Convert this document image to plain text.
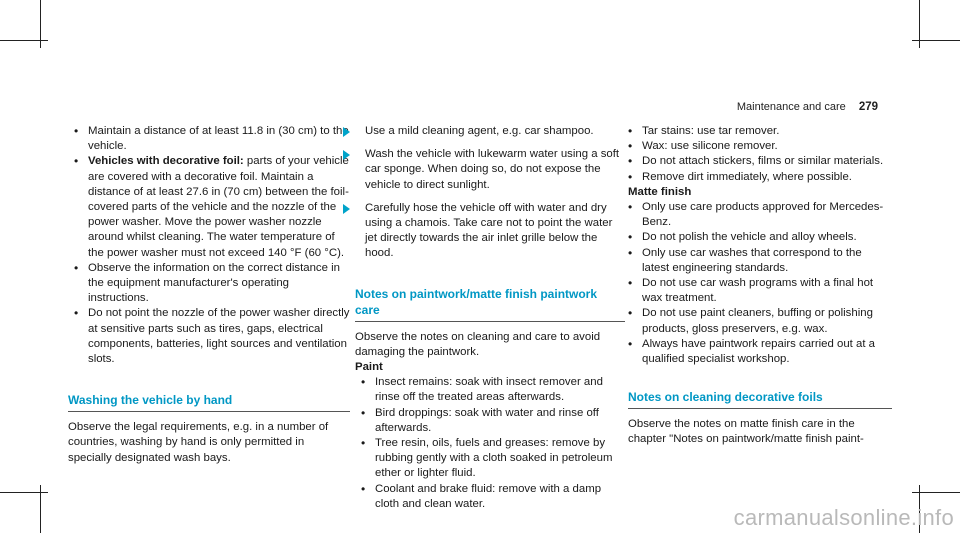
Maintenance and care 279
• Maintain a distance of at least 11.8 in (30 cm) to the vehicle.
• Vehicles with decorative foil: parts of your vehicle are covered with a decorative foil. Maintain a distance of at least 27.6 in (70 cm) between the foil-covered parts of the vehicle and the nozzle of the power washer. Move the power washer nozzle around whilst cleaning. The water temperature of the power washer must not exceed 140 °F (60 °C).
• Observe the information on the correct distance in the equipment manufacturer's operating instructions.
• Do not point the nozzle of the power washer directly at sensitive parts such as tires, gaps, electrical components, batteries, light sources and ventilation slots.
Washing the vehicle by hand
Observe the legal requirements, e.g. in a number of countries, washing by hand is only permitted in specially designated wash bays.
Use a mild cleaning agent, e.g. car shampoo.
Wash the vehicle with lukewarm water using a soft car sponge. When doing so, do not expose the vehicle to direct sunlight.
Carefully hose the vehicle off with water and dry using a chamois. Take care not to point the water jet directly towards the air inlet grille below the hood.
Notes on paintwork/matte finish paintwork care
Observe the notes on cleaning and care to avoid damaging the paintwork.
Paint
• Insect remains: soak with insect remover and rinse off the treated areas afterwards.
• Bird droppings: soak with water and rinse off afterwards.
• Tree resin, oils, fuels and greases: remove by rubbing gently with a cloth soaked in petroleum ether or lighter fluid.
• Coolant and brake fluid: remove with a damp cloth and clean water.
• Tar stains: use tar remover.
• Wax: use silicone remover.
• Do not attach stickers, films or similar materials.
• Remove dirt immediately, where possible.
Matte finish
• Only use care products approved for Mercedes-Benz.
• Do not polish the vehicle and alloy wheels.
• Only use car washes that correspond to the latest engineering standards.
• Do not use car wash programs with a final hot wax treatment.
• Do not use paint cleaners, buffing or polishing products, gloss preservers, e.g. wax.
• Always have paintwork repairs carried out at a qualified specialist workshop.
Notes on cleaning decorative foils
Observe the notes on matte finish care in the chapter "Notes on paintwork/matte finish paint-
carmanualsonline.info
